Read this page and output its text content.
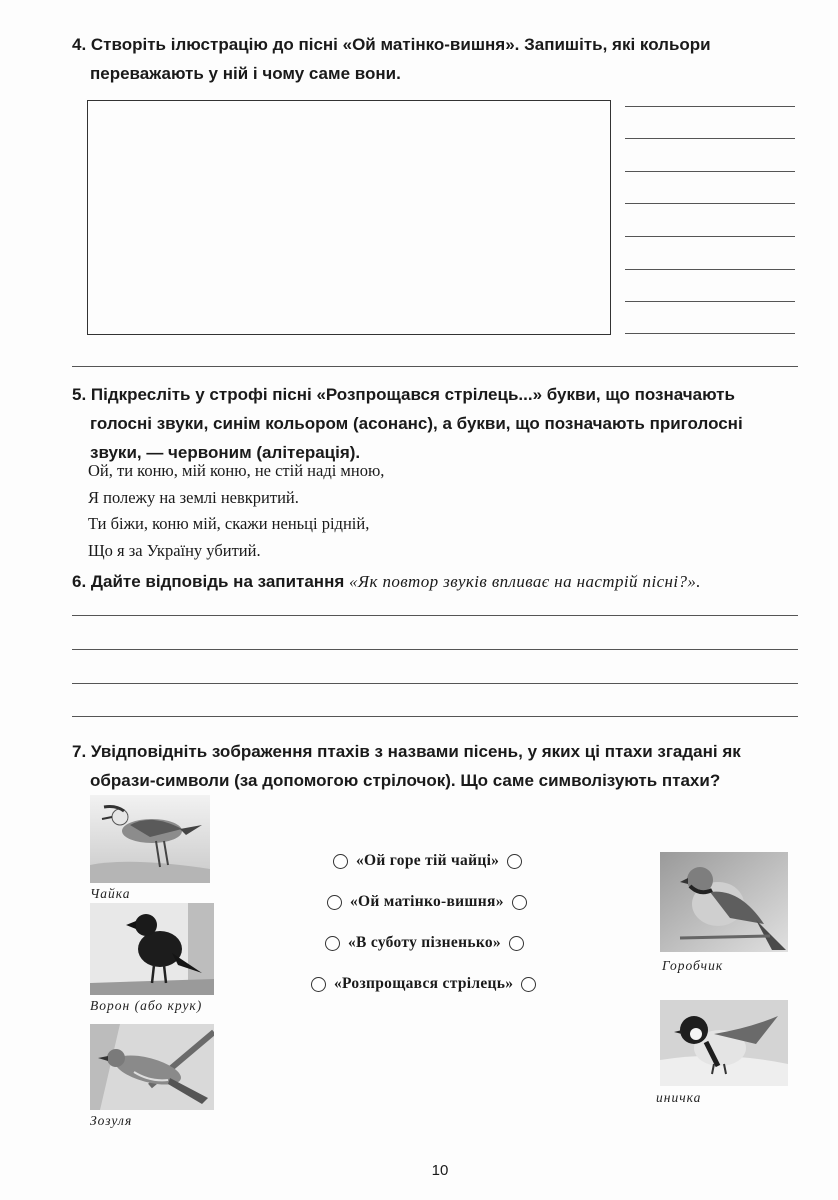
4. Створіть ілюстрацію до пісні «Ой матінко-вишня». Запишіть, які кольори
переважають у ній і чому саме вони.
5. Підкресліть у строфі пісні «Розпрощався стрілець...» букви, що позначають
голосні звуки, синім кольором (асонанс), а букви, що позначають приголосні
звуки, — червоним (алітерація).
Ой, ти коню, мій коню, не стій наді мною,
Я полежу на землі невкритий.
Ти біжи, коню мій, скажи неньці рідній,
Що я за Україну убитий.
6. Дайте відповідь на запитання «Як повтор звуків впливає на настрій пісні?».
7. Увідповідніть зображення птахів з назвами пісень, у яких ці птахи згадані як
образи-символи (за допомогою стрілочок). Що саме символізують птахи?
Чайка
Ворон (або крук)
Зозуля
«Ой горе тій чайці»
«Ой матінко-вишня»
«В суботу пізненько»
«Розпрощався стрілець»
Горобчик
иничка
10
